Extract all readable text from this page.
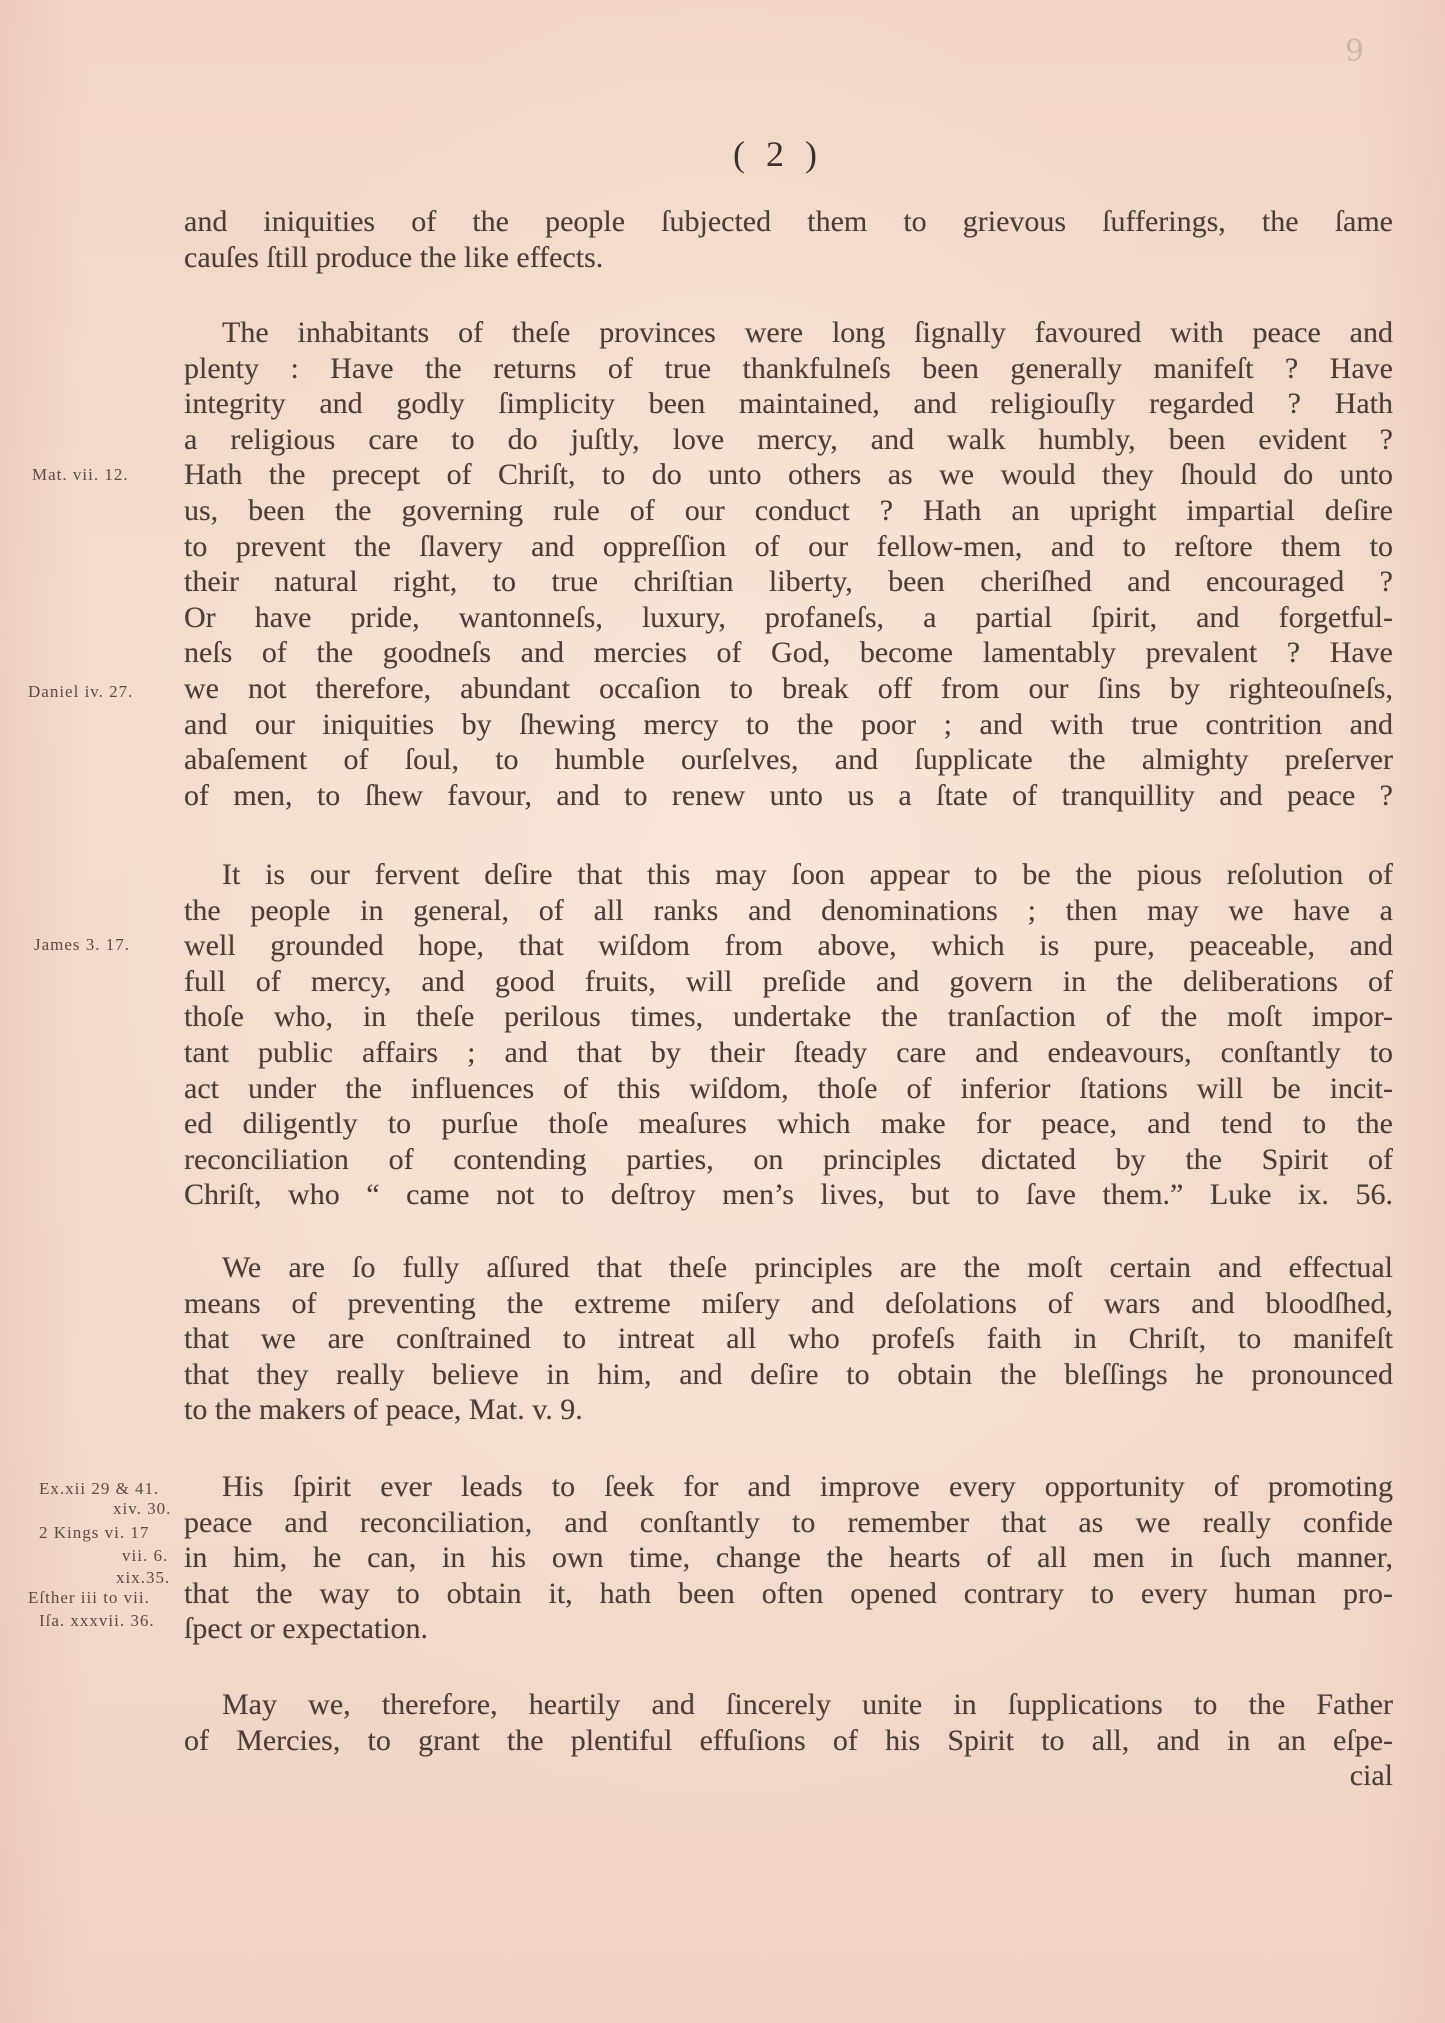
9
( 2 )
and iniquities of the people ſubjected them to grievous ſufferings, the ſame
cauſes ſtill produce the like effects.
The inhabitants of theſe provinces were long ſignally favoured with peace and
plenty : Have the returns of true thankfulneſs been generally manifeſt ? Have
integrity and godly ſimplicity been maintained, and religiouſly regarded ? Hath
a religious care to do juſtly, love mercy, and walk humbly, been evident ?
Hath the precept of Chriſt, to do unto others as we would they ſhould do unto
us, been the governing rule of our conduct ? Hath an upright impartial deſire
to prevent the ſlavery and oppreſſion of our fellow-men, and to reſtore them to
their natural right, to true chriſtian liberty, been cheriſhed and encouraged ?
Or have pride, wantonneſs, luxury, profaneſs, a partial ſpirit, and forgetful-
neſs of the goodneſs and mercies of God, become lamentably prevalent ? Have
we not therefore, abundant occaſion to break off from our ſins by righteouſneſs,
and our iniquities by ſhewing mercy to the poor ; and with true contrition and
abaſement of ſoul, to humble ourſelves, and ſupplicate the almighty preſerver
of men, to ſhew favour, and to renew unto us a ſtate of tranquillity and peace ?
It is our fervent deſire that this may ſoon appear to be the pious reſolution of
the people in general, of all ranks and denominations ; then may we have a
well grounded hope, that wiſdom from above, which is pure, peaceable, and
full of mercy, and good fruits, will preſide and govern in the deliberations of
thoſe who, in theſe perilous times, undertake the tranſaction of the moſt impor-
tant public affairs ; and that by their ſteady care and endeavours, conſtantly to
act under the influences of this wiſdom, thoſe of inferior ſtations will be incit-
ed diligently to purſue thoſe meaſures which make for peace, and tend to the
reconciliation of contending parties, on principles dictated by the Spirit of
Chriſt, who “ came not to deſtroy men’s lives, but to ſave them.” Luke ix. 56.
We are ſo fully aſſured that theſe principles are the moſt certain and effectual
means of preventing the extreme miſery and deſolations of wars and bloodſhed,
that we are conſtrained to intreat all who profeſs faith in Chriſt, to manifeſt
that they really believe in him, and deſire to obtain the bleſſings he pronounced
to the makers of peace, Mat. v. 9.
His ſpirit ever leads to ſeek for and improve every opportunity of promoting
peace and reconciliation, and conſtantly to remember that as we really confide
in him, he can, in his own time, change the hearts of all men in ſuch manner,
that the way to obtain it, hath been often opened contrary to every human pro-
ſpect or expectation.
May we, therefore, heartily and ſincerely unite in ſupplications to the Father
of Mercies, to grant the plentiful effuſions of his Spirit to all, and in an eſpe-
cial
Mat. vii. 12.
Daniel iv. 27.
James 3. 17.
Ex.xii 29 & 41.
xiv. 30.
2 Kings vi. 17
vii. 6.
xix.35.
Eſther iii to vii.
Iſa. xxxvii. 36.
